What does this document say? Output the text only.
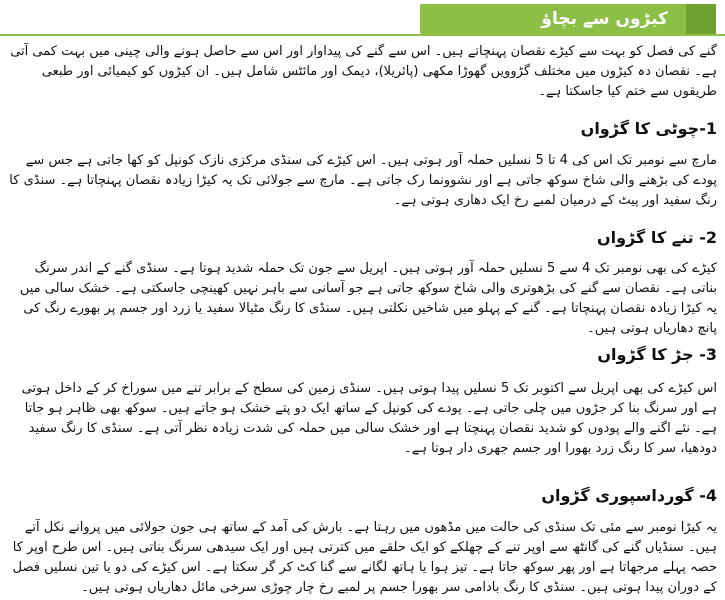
کیڑوں سے بچاؤ
گنے کی فصل کو بہت سے کیڑے نقصان پہنچاتے ہیں۔ اس سے گنے کی پیداوار اور اس سے حاصل ہونے والی چینی میں بہت کمی آتی ہے۔ نقصان دہ کیڑوں میں مختلف گڑوویں گھوڑا مکھی (پائریلا)، دیمک اور مائٹس شامل ہیں۔ ان کیڑوں کو کیمیائی اور طبعی طریقوں سے ختم کیا جاسکتا ہے۔
1-چوٹی کا گڑواں
مارچ سے نومبر تک اس کی 4 تا 5 نسلیں حملہ آور ہوتی ہیں۔ اس کیڑے کی سنڈی مرکزی نازک کونپل کو کھا جاتی ہے جس سے پودے کی بڑھنے والی شاخ سوکھ جاتی ہے اور نشوونما رک جاتی ہے۔ مارچ سے جولائی تک یہ کیڑا زیادہ نقصان پہنچاتا ہے۔ سنڈی کا رنگ سفید اور پیٹ کے درمیان لمبے رخ ایک دھاری ہوتی ہے۔
2- تنے کا گڑواں
کیڑے کی بھی نومبر تک 4 سے 5 نسلیں حملہ آور ہوتی ہیں۔ اپریل سے جون تک حملہ شدید ہوتا ہے۔ سنڈی گنے کے اندر سرنگ بناتی ہے۔ نقصان سے گنے کی بڑھوتری والی شاخ سوکھ جاتی ہے جو آسانی سے باہر نہیں کھینچی جاسکتی ہے۔ خشک سالی میں یہ کیڑا زیادہ نقصان پہنچاتا ہے۔ گنے کے پہلو میں شاخیں نکلتی ہیں۔ سنڈی کا رنگ مٹیالا سفید یا زرد اور جسم پر بھورے رنگ کی پانچ دھاریاں ہوتی ہیں۔
3- جڑ کا گڑواں
اس کیڑے کی بھی اپریل سے اکتوبر تک 5 نسلیں پیدا ہوتی ہیں۔ سنڈی زمین کی سطح کے برابر تنے میں سوراخ کر کے داخل ہوتی ہے اور سرنگ بنا کر جڑوں میں چلی جاتی ہے۔ پودے کی کونپل کے ساتھ ایک دو پتے خشک ہو جاتے ہیں۔ سوکھ بھی ظاہر ہو جاتا ہے۔ نئے اگنے والے پودوں کو شدید نقصان پہنچتا ہے اور خشک سالی میں حملہ کی شدت زیادہ نظر آتی ہے۔ سنڈی کا رنگ سفید دودھیا، سر کا رنگ زرد بھورا اور جسم جھری دار ہوتا ہے۔
4- گورداسپوری گڑواں
یہ کیڑا نومبر سے مئی تک سنڈی کی حالت میں مڈھوں میں رہتا ہے۔ بارش کی آمد کے ساتھ ہی جون جولائی میں پروانے نکل آتے ہیں۔ سنڈیاں گنے کی گانٹھ سے اوپر تنے کے چھلکے کو ایک حلقے میں کترتی ہیں اور ایک سیدھی سرنگ بناتی ہیں۔ اس طرح اوپر کا حصہ پہلے مرجھاتا ہے اور پھر سوکھ جاتا ہے۔ تیز ہوا یا ہاتھ لگانے سے گنا کٹ کر گر سکتا ہے۔ اس کیڑے کی دو یا تین نسلیں فصل کے دوران پیدا ہوتی ہیں۔ سنڈی کا رنگ بادامی سر بھورا جسم پر لمبے رخ چار چوڑی سرخی مائل دھاریاں ہوتی ہیں۔
